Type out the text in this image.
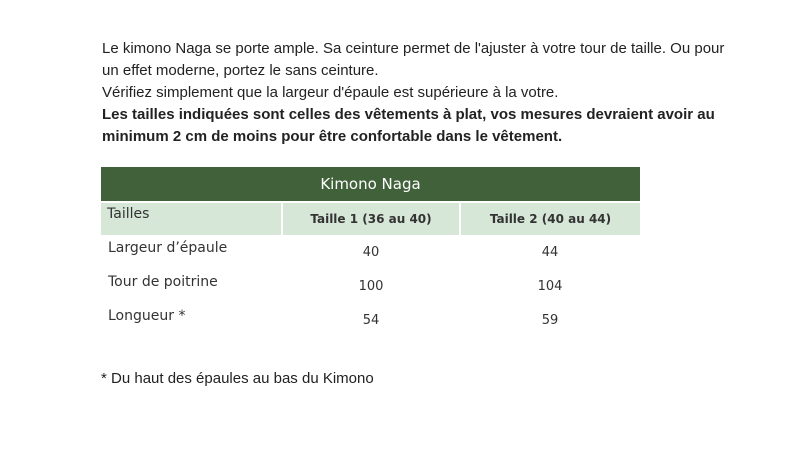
Le kimono Naga se porte ample. Sa ceinture permet de l'ajuster à votre tour de taille. Ou pour un effet moderne, portez le sans ceinture.

Vérifiez simplement que la largeur d'épaule est supérieure à la votre.

Les tailles indiquées sont celles des vêtements à plat, vos mesures devraient avoir au minimum 2 cm de moins pour être confortable dans le vêtement.

Kimono Naga		
Tailles	Taille 1 (36 au 40)	Taille 2 (40 au 44)
Largeur d’épaule	40	44
Tour de poitrine	100	104
Longueur *	54	59

* Du haut des épaules au bas du Kimono
